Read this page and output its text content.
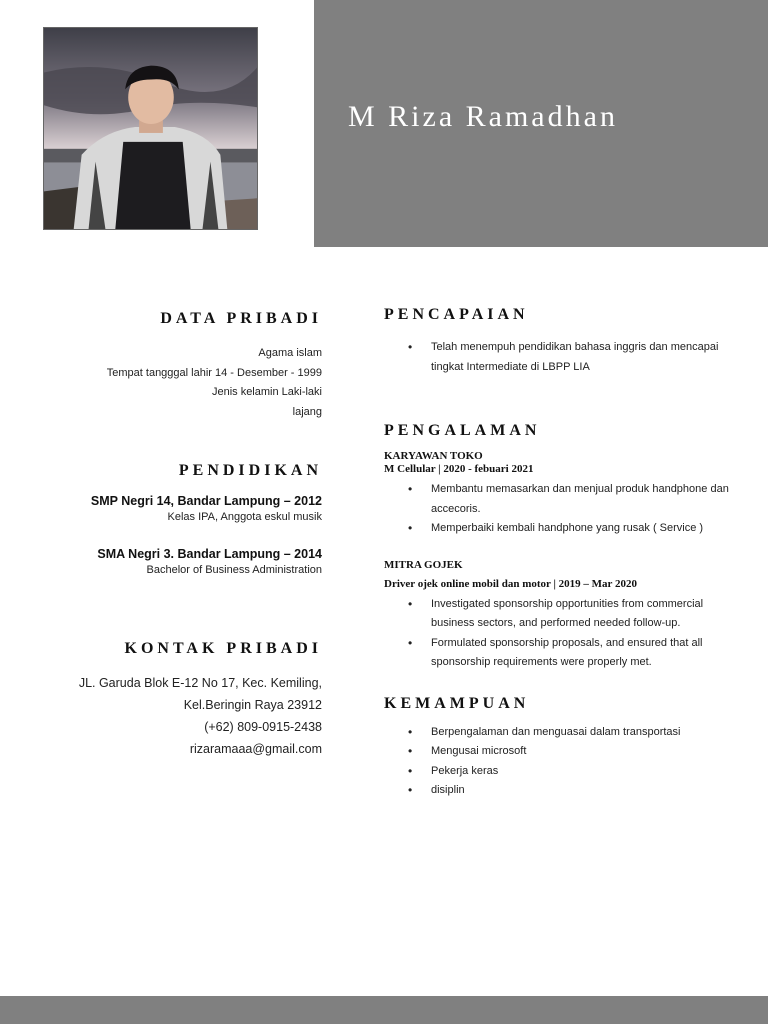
M Riza Ramadhan
DATA PRIBADI
Agama islam
Tempat tangggal lahir 14 - Desember - 1999
Jenis kelamin Laki-laki
lajang
PENDIDIKAN
SMP Negri 14, Bandar Lampung – 2012
Kelas IPA, Anggota eskul musik
SMA Negri 3. Bandar Lampung – 2014
Bachelor of Business Administration
KONTAK PRIBADI
JL. Garuda Blok E-12 No 17, Kec. Kemiling,
Kel.Beringin Raya 23912
(+62) 809-0915-2438
rizaramaaa@gmail.com
PENCAPAIAN
• Telah menempuh pendidikan bahasa inggris dan mencapai tingkat Intermediate di LBPP LIA
PENGALAMAN
KARYAWAN TOKO
M Cellular | 2020 - febuari 2021
• Membantu memasarkan dan menjual produk handphone dan accecoris.
• Memperbaiki kembali handphone yang rusak ( Service )
MITRA GOJEK
Driver ojek online mobil dan motor | 2019 – Mar 2020
• Investigated sponsorship opportunities from commercial business sectors, and performed needed follow-up.
• Formulated sponsorship proposals, and ensured that all sponsorship requirements were properly met.
KEMAMPUAN
• Berpengalaman dan menguasai dalam transportasi
• Mengusai microsoft
• Pekerja keras
• disiplin
